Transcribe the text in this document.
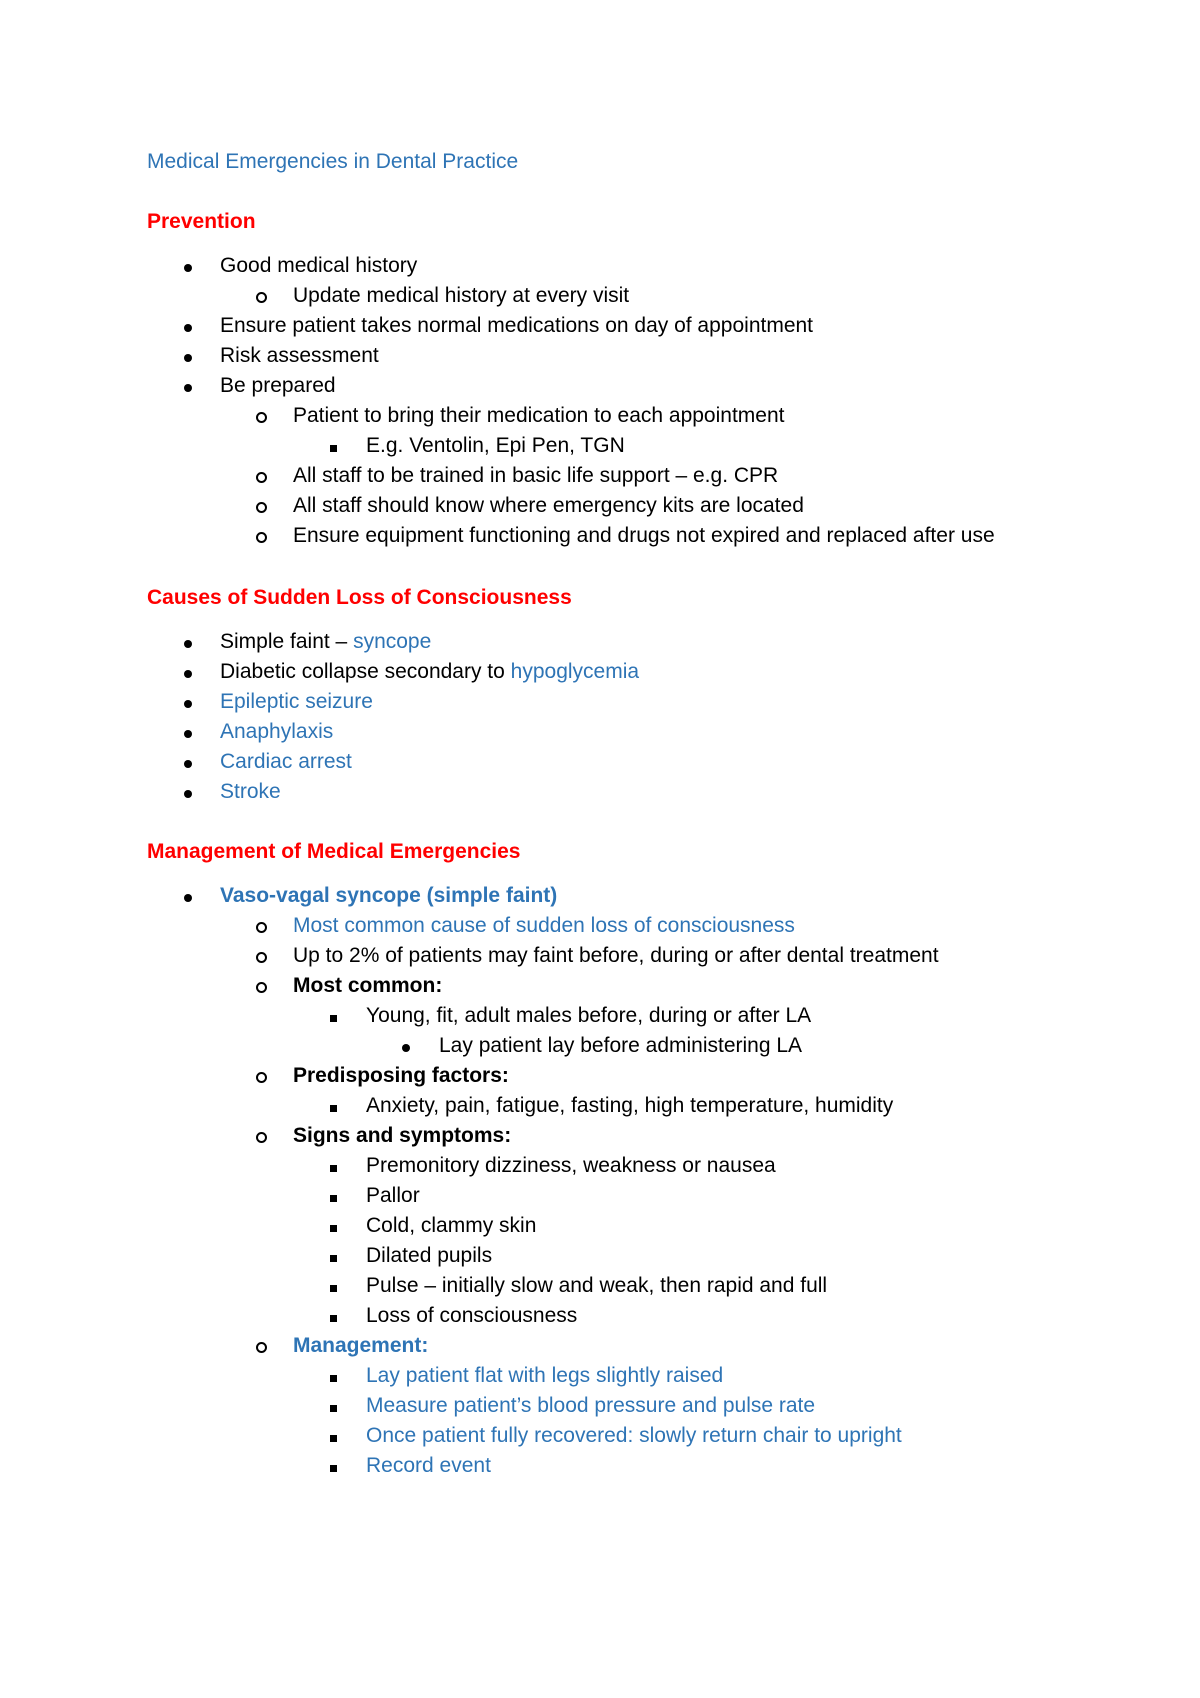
Medical Emergencies in Dental Practice
Prevention
Good medical history
Update medical history at every visit
Ensure patient takes normal medications on day of appointment
Risk assessment
Be prepared
Patient to bring their medication to each appointment
E.g. Ventolin, Epi Pen, TGN
All staff to be trained in basic life support – e.g. CPR
All staff should know where emergency kits are located
Ensure equipment functioning and drugs not expired and replaced after use
Causes of Sudden Loss of Consciousness
Simple faint – syncope
Diabetic collapse secondary to hypoglycemia
Epileptic seizure
Anaphylaxis
Cardiac arrest
Stroke
Management of Medical Emergencies
Vaso-vagal syncope (simple faint)
Most common cause of sudden loss of consciousness
Up to 2% of patients may faint before, during or after dental treatment
Most common:
Young, fit, adult males before, during or after LA
Lay patient lay before administering LA
Predisposing factors:
Anxiety, pain, fatigue, fasting, high temperature, humidity
Signs and symptoms:
Premonitory dizziness, weakness or nausea
Pallor
Cold, clammy skin
Dilated pupils
Pulse – initially slow and weak, then rapid and full
Loss of consciousness
Management:
Lay patient flat with legs slightly raised
Measure patient’s blood pressure and pulse rate
Once patient fully recovered: slowly return chair to upright
Record event
